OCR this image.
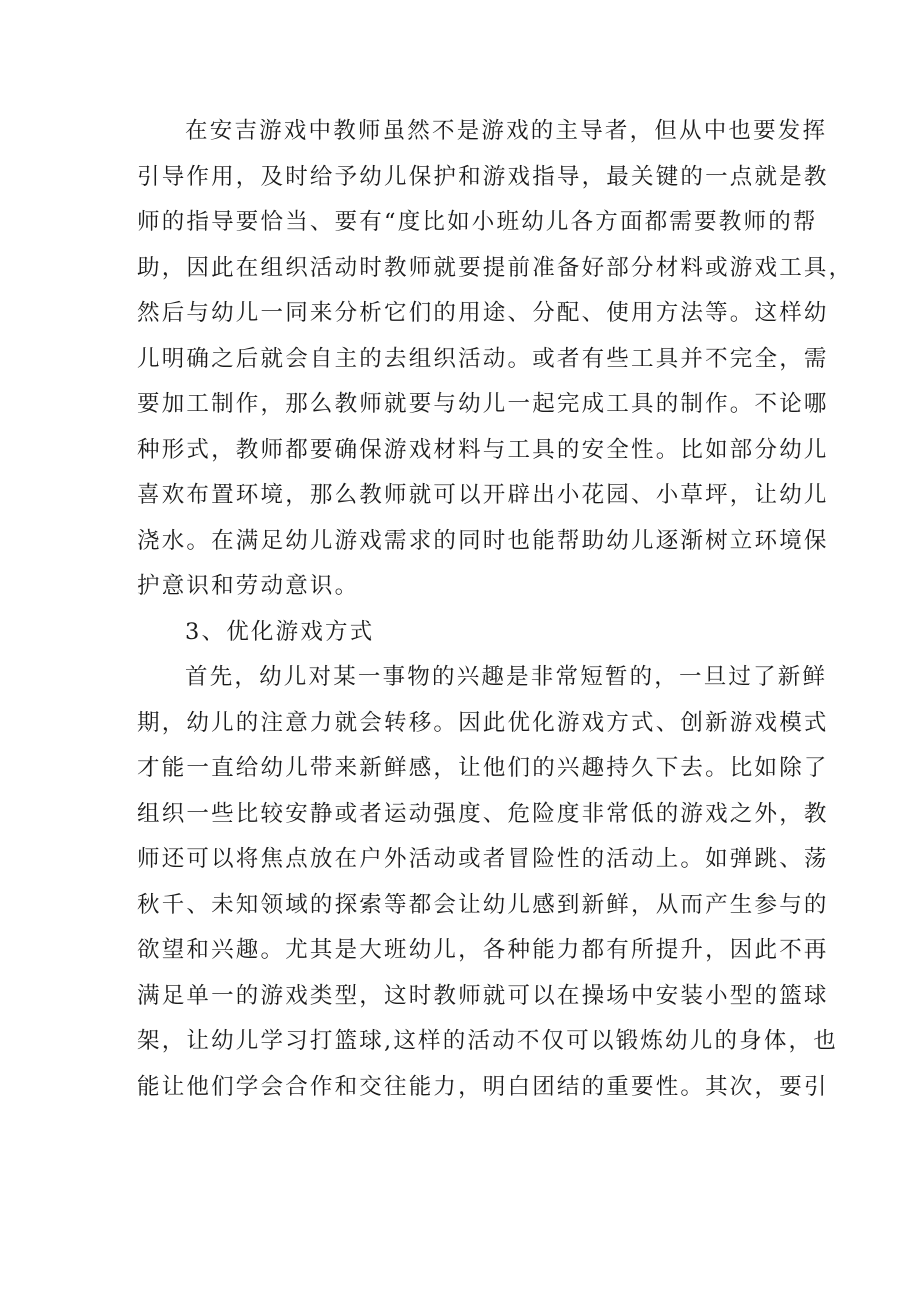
在安吉游戏中教师虽然不是游戏的主导者，但从中也要发挥
引导作用，及时给予幼儿保护和游戏指导，最关键的一点就是教
师的指导要恰当、要有“度比如小班幼儿各方面都需要教师的帮
助，因此在组织活动时教师就要提前准备好部分材料或游戏工具，
然后与幼儿一同来分析它们的用途、分配、使用方法等。这样幼
儿明确之后就会自主的去组织活动。或者有些工具并不完全，需
要加工制作，那么教师就要与幼儿一起完成工具的制作。不论哪
种形式，教师都要确保游戏材料与工具的安全性。比如部分幼儿
喜欢布置环境，那么教师就可以开辟出小花园、小草坪，让幼儿
浇水。在满足幼儿游戏需求的同时也能帮助幼儿逐渐树立环境保
护意识和劳动意识。
3、优化游戏方式
首先，幼儿对某一事物的兴趣是非常短暂的，一旦过了新鲜
期，幼儿的注意力就会转移。因此优化游戏方式、创新游戏模式
才能一直给幼儿带来新鲜感，让他们的兴趣持久下去。比如除了
组织一些比较安静或者运动强度、危险度非常低的游戏之外，教
师还可以将焦点放在户外活动或者冒险性的活动上。如弹跳、荡
秋千、未知领域的探索等都会让幼儿感到新鲜，从而产生参与的
欲望和兴趣。尤其是大班幼儿，各种能力都有所提升，因此不再
满足单一的游戏类型，这时教师就可以在操场中安装小型的篮球
架，让幼儿学习打篮球,这样的活动不仅可以锻炼幼儿的身体，也
能让他们学会合作和交往能力，明白团结的重要性。其次，要引
